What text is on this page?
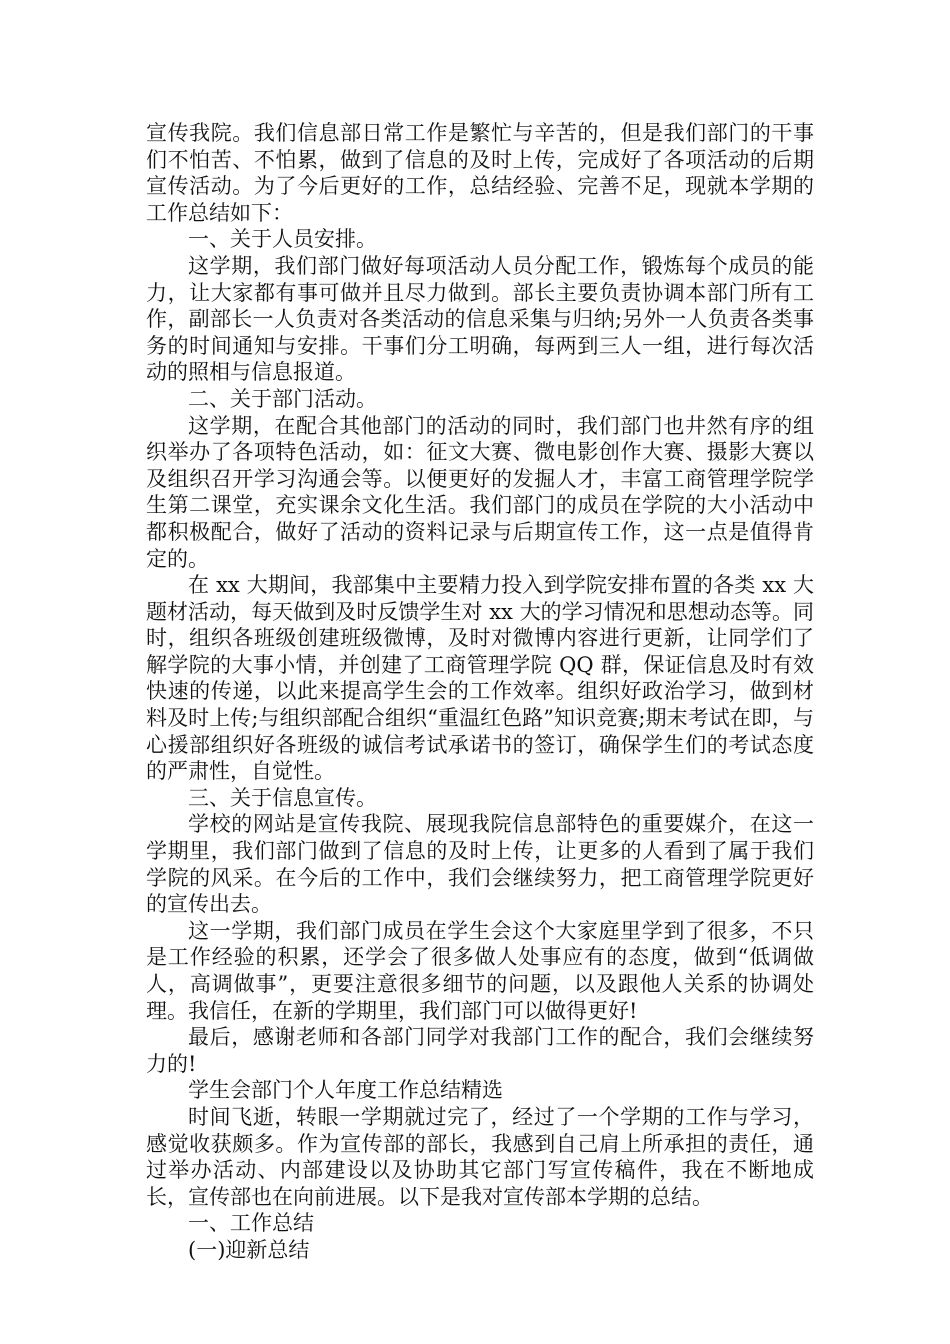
宣传我院。我们信息部日常工作是繁忙与辛苦的，但是我们部门的干事们不怕苦、不怕累，做到了信息的及时上传，完成好了各项活动的后期宣传活动。为了今后更好的工作，总结经验、完善不足，现就本学期的工作总结如下：

一、关于人员安排。

这学期，我们部门做好每项活动人员分配工作，锻炼每个成员的能力，让大家都有事可做并且尽力做到。部长主要负责协调本部门所有工作，副部长一人负责对各类活动的信息采集与归纳;另外一人负责各类事务的时间通知与安排。干事们分工明确，每两到三人一组，进行每次活动的照相与信息报道。

二、关于部门活动。

这学期，在配合其他部门的活动的同时，我们部门也井然有序的组织举办了各项特色活动，如：征文大赛、微电影创作大赛、摄影大赛以及组织召开学习沟通会等。以便更好的发掘人才，丰富工商管理学院学生第二课堂，充实课余文化生活。我们部门的成员在学院的大小活动中都积极配合，做好了活动的资料记录与后期宣传工作，这一点是值得肯定的。

在 xx 大期间，我部集中主要精力投入到学院安排布置的各类 xx 大题材活动，每天做到及时反馈学生对 xx 大的学习情况和思想动态等。同时，组织各班级创建班级微博，及时对微博内容进行更新，让同学们了解学院的大事小情，并创建了工商管理学院 QQ 群，保证信息及时有效快速的传递，以此来提高学生会的工作效率。组织好政治学习，做到材料及时上传;与组织部配合组织“重温红色路”知识竞赛;期末考试在即，与心援部组织好各班级的诚信考试承诺书的签订，确保学生们的考试态度的严肃性，自觉性。

三、关于信息宣传。

学校的网站是宣传我院、展现我院信息部特色的重要媒介，在这一学期里，我们部门做到了信息的及时上传，让更多的人看到了属于我们学院的风采。在今后的工作中，我们会继续努力，把工商管理学院更好的宣传出去。

这一学期，我们部门成员在学生会这个大家庭里学到了很多，不只是工作经验的积累，还学会了很多做人处事应有的态度，做到“低调做人，高调做事”，更要注意很多细节的问题，以及跟他人关系的协调处理。我信任，在新的学期里，我们部门可以做得更好!

最后，感谢老师和各部门同学对我部门工作的配合，我们会继续努力的!

学生会部门个人年度工作总结精选

时间飞逝，转眼一学期就过完了，经过了一个学期的工作与学习，感觉收获颇多。作为宣传部的部长，我感到自己肩上所承担的责任，通过举办活动、内部建设以及协助其它部门写宣传稿件，我在不断地成长，宣传部也在向前进展。以下是我对宣传部本学期的总结。

一、工作总结

(一)迎新总结
